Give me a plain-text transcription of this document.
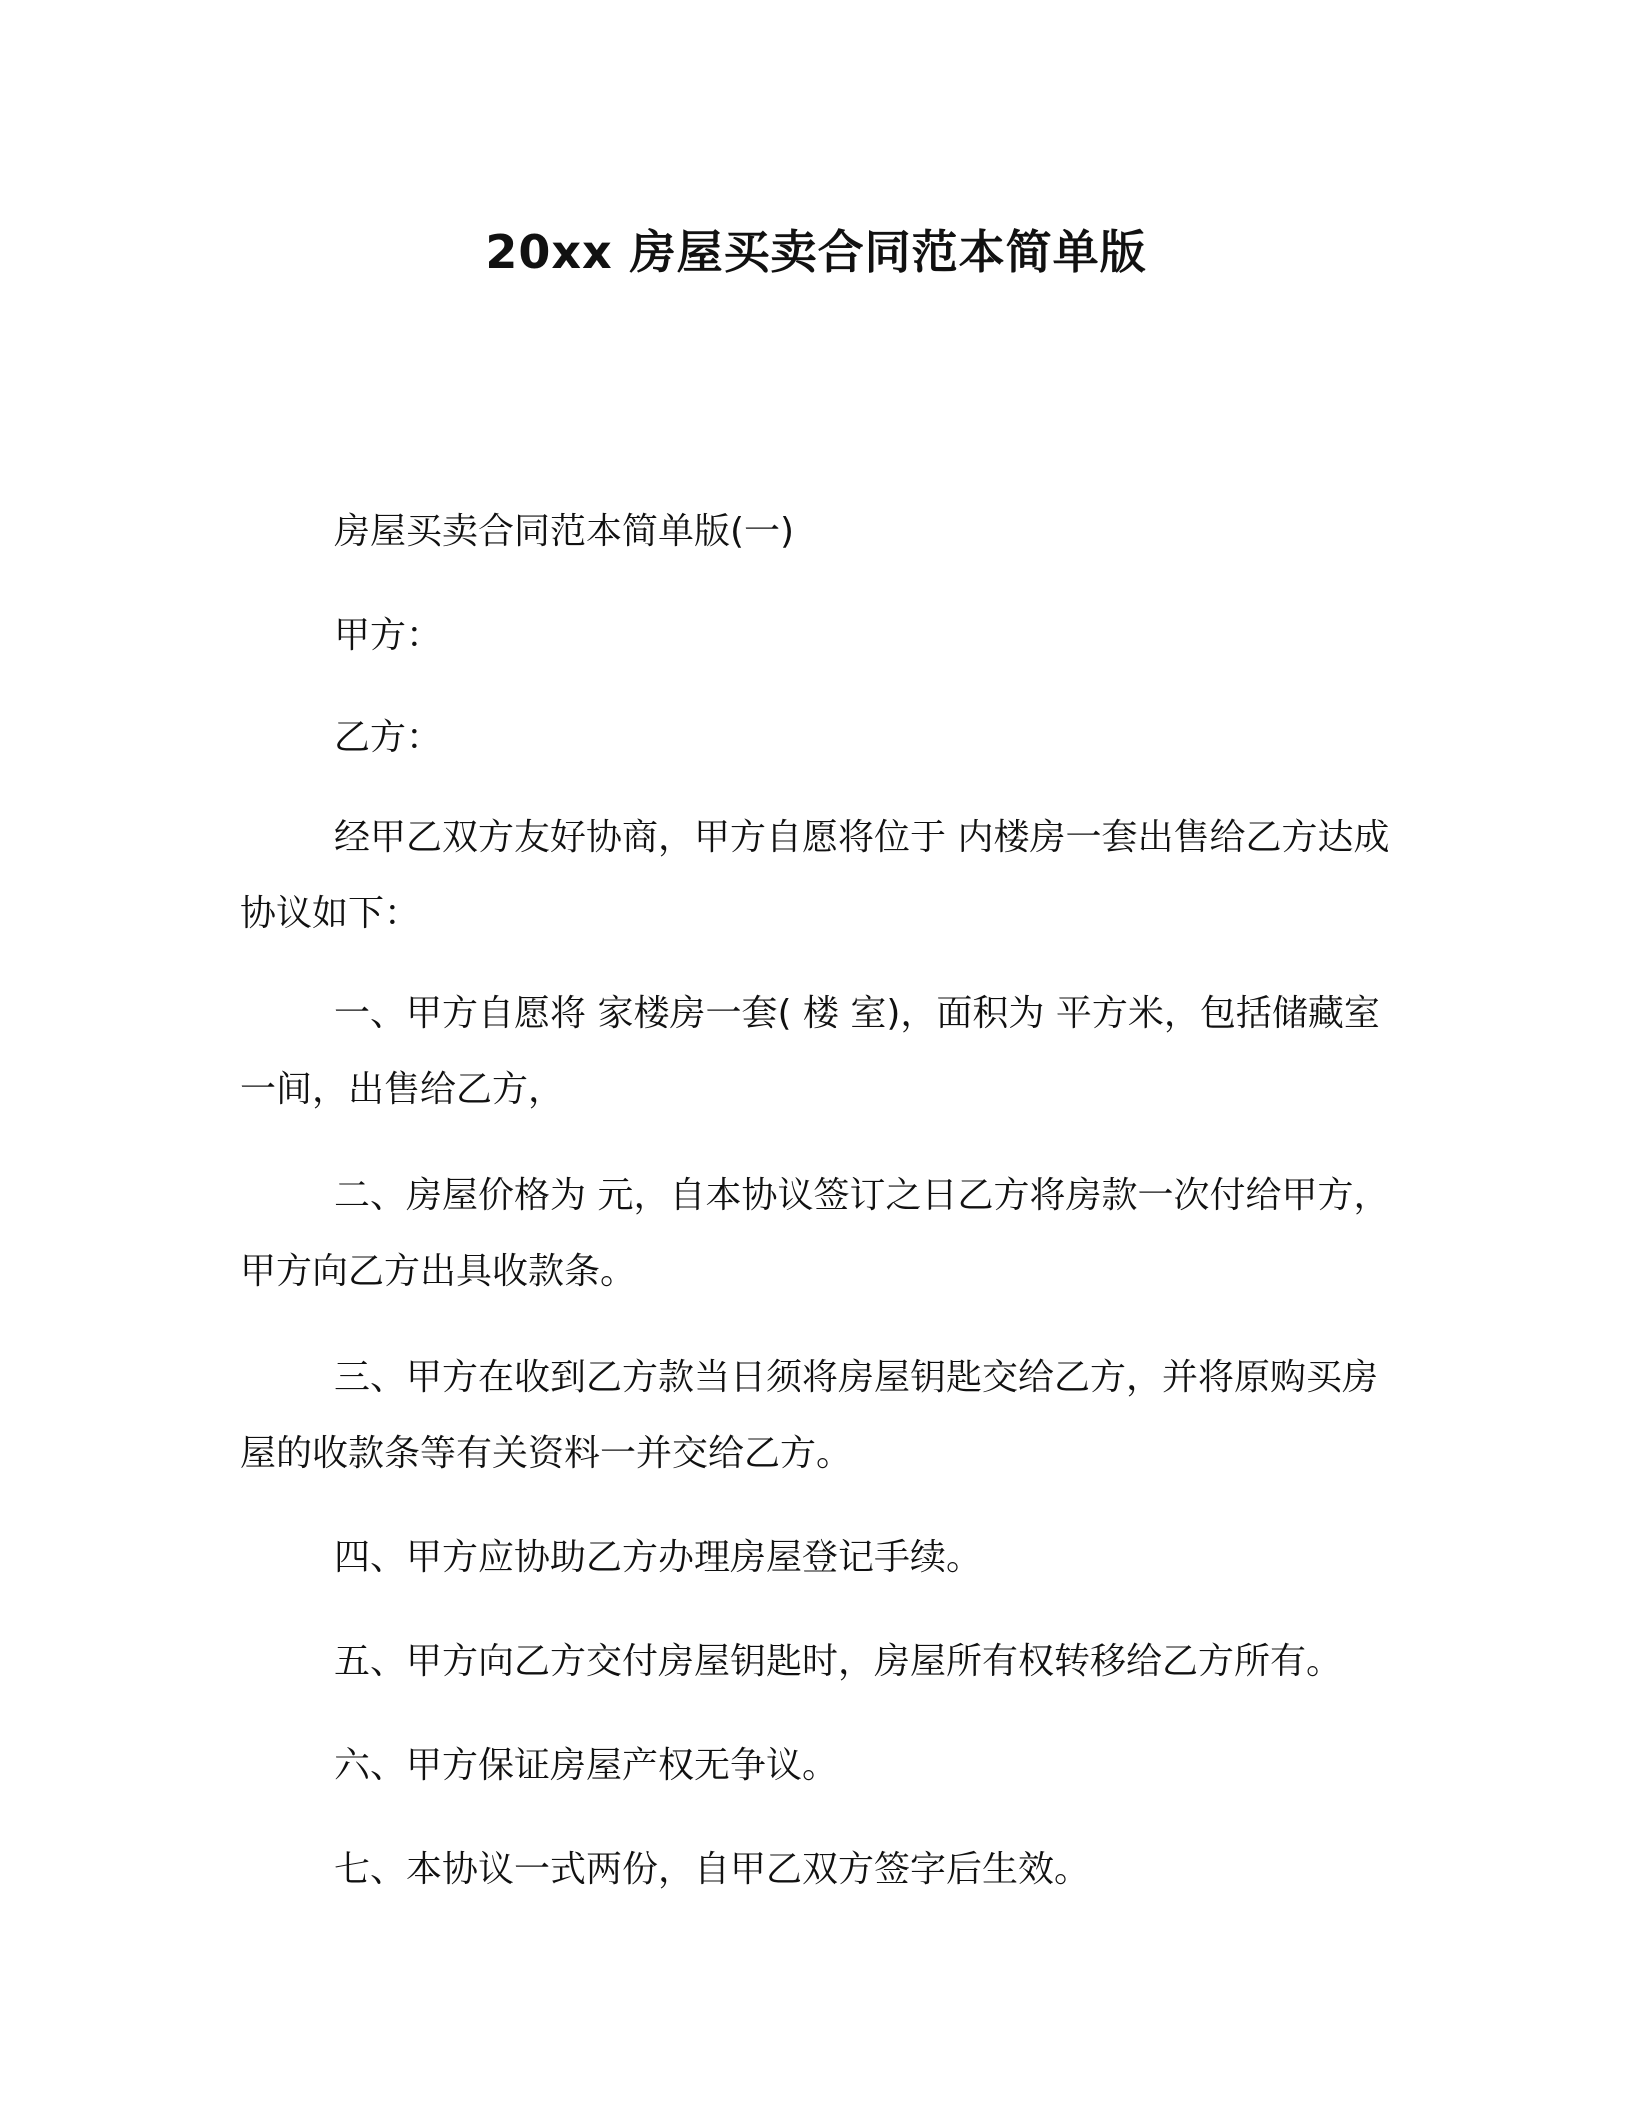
20xx 房屋买卖合同范本简单版

房屋买卖合同范本简单版(一)

甲方：

乙方：

经甲乙双方友好协商，甲方自愿将位于 内楼房一套出售给乙方达成协议如下：

一、甲方自愿将 家楼房一套( 楼 室)，面积为 平方米，包括储藏室一间，出售给乙方，

二、房屋价格为 元，自本协议签订之日乙方将房款一次付给甲方，甲方向乙方出具收款条。

三、甲方在收到乙方款当日须将房屋钥匙交给乙方，并将原购买房屋的收款条等有关资料一并交给乙方。

四、甲方应协助乙方办理房屋登记手续。

五、甲方向乙方交付房屋钥匙时，房屋所有权转移给乙方所有。

六、甲方保证房屋产权无争议。

七、本协议一式两份，自甲乙双方签字后生效。
